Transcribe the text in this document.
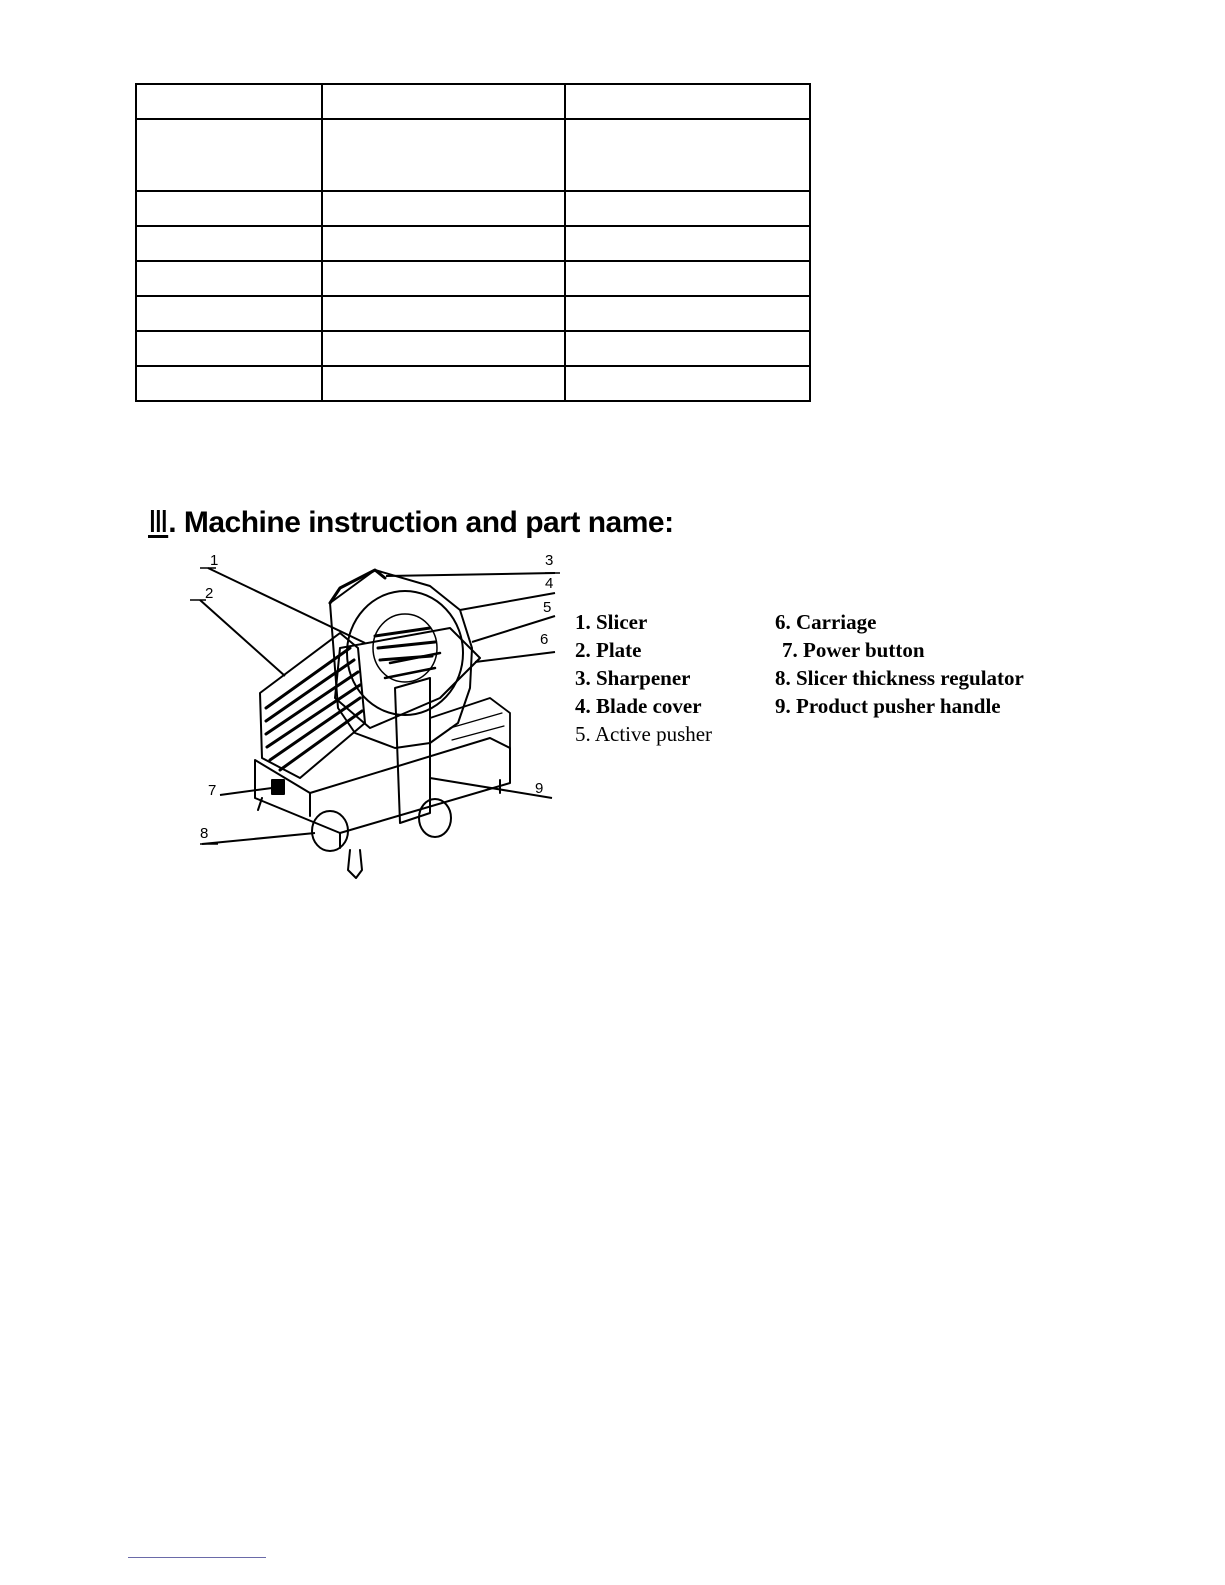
Ⅲ. Machine instruction and part name:
1
2
3
4
5
6
7
8
9
1. Slicer
2. Plate
3. Sharpener
4. Blade cover
5. Active pusher
6. Carriage
7. Power button
8. Slicer thickness regulator
9. Product pusher handle
